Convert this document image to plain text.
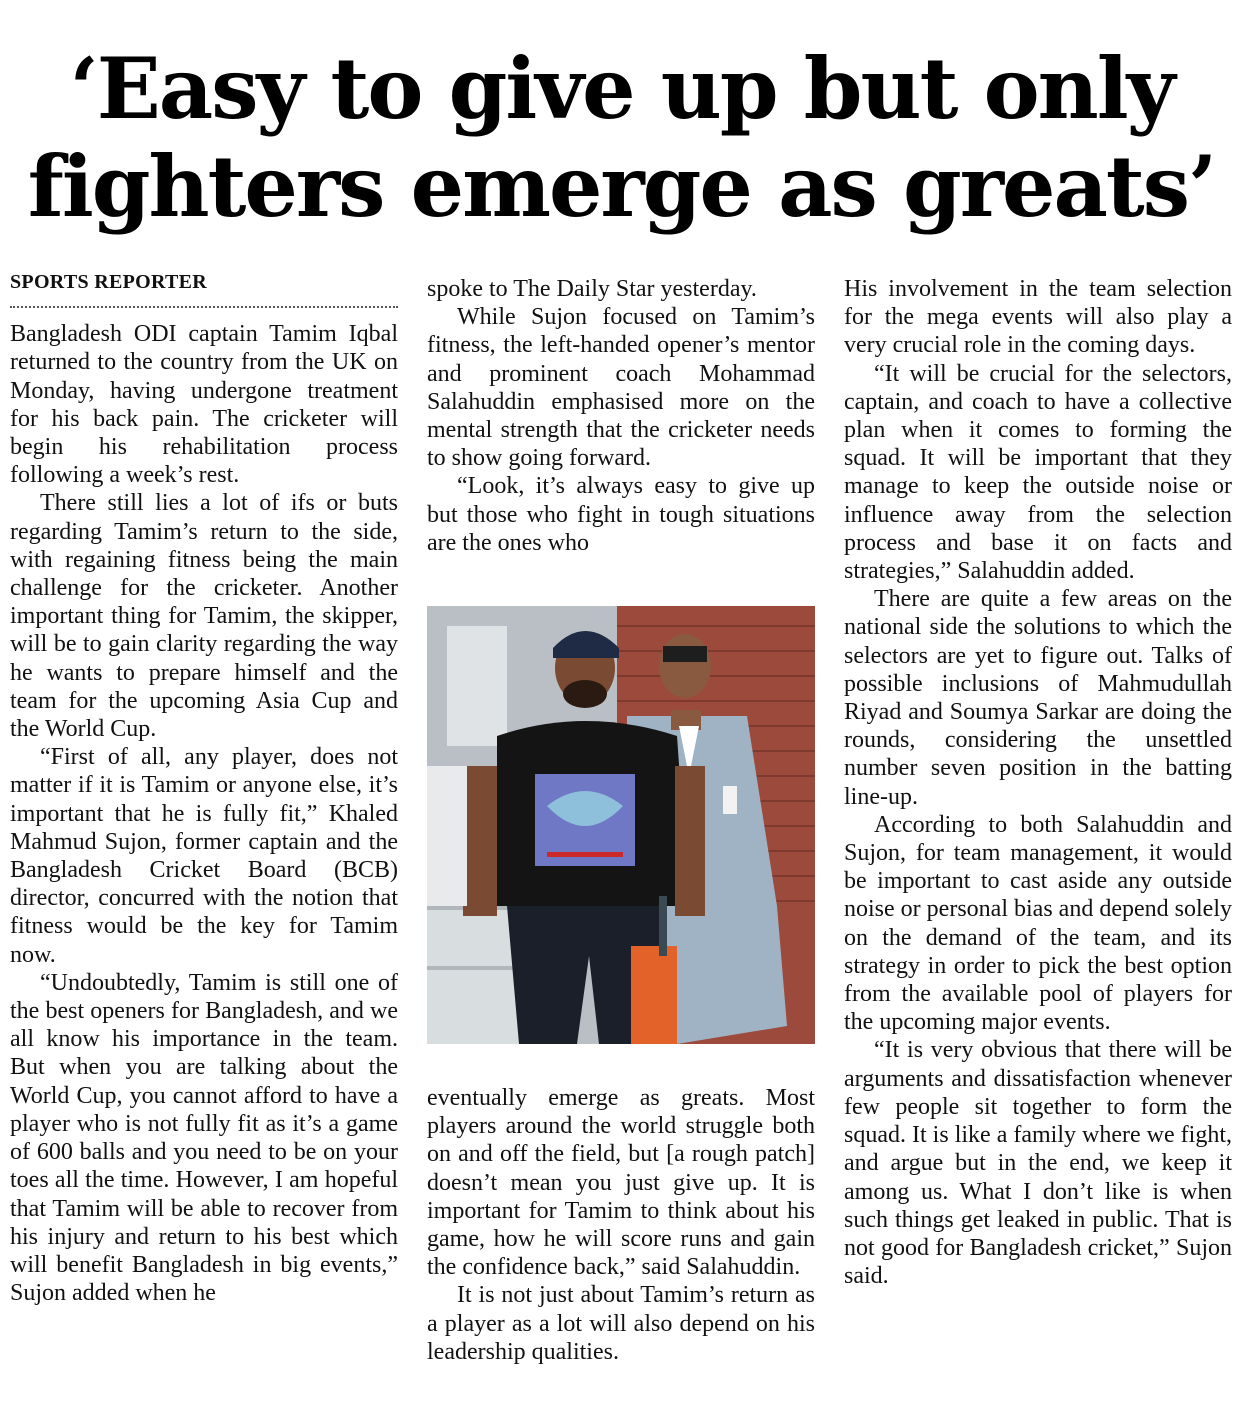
‘Easy to give up but only
fighters emerge as greats’
SPORTS REPORTER

Bangladesh ODI captain Tamim Iqbal returned to the country from the UK on Monday, having undergone treatment for his back pain. The cricketer will begin his rehabilitation process following a week’s rest.

There still lies a lot of ifs or buts regarding Tamim’s return to the side, with regaining fitness being the main challenge for the cricketer. Another important thing for Tamim, the skipper, will be to gain clarity regarding the way he wants to prepare himself and the team for the upcoming Asia Cup and the World Cup.

“First of all, any player, does not matter if it is Tamim or anyone else, it’s important that he is fully fit,” Khaled Mahmud Sujon, former captain and the Bangladesh Cricket Board (BCB) director, concurred with the notion that fitness would be the key for Tamim now.

“Undoubtedly, Tamim is still one of the best openers for Bangladesh, and we all know his importance in the team. But when you are talking about the World Cup, you cannot afford to have a player who is not fully fit as it’s a game of 600 balls and you need to be on your toes all the time. However, I am hopeful that Tamim will be able to recover from his injury and return to his best which will benefit Bangladesh in big events,” Sujon added when he

spoke to The Daily Star yesterday.

While Sujon focused on Tamim’s fitness, the left-handed opener’s mentor and prominent coach Mohammad Salahuddin emphasised more on the mental strength that the cricketer needs to show going forward.

“Look, it’s always easy to give up but those who fight in tough situations are the ones who

eventually emerge as greats. Most players around the world struggle both on and off the field, but [a rough patch] doesn’t mean you just give up. It is important for Tamim to think about his game, how he will score runs and gain the confidence back,” said Salahuddin.

It is not just about Tamim’s return as a player as a lot will also depend on his leadership qualities.

His involvement in the team selection for the mega events will also play a very crucial role in the coming days.

“It will be crucial for the selectors, captain, and coach to have a collective plan when it comes to forming the squad. It will be important that they manage to keep the outside noise or influence away from the selection process and base it on facts and strategies,” Salahuddin added.

There are quite a few areas on the national side the solutions to which the selectors are yet to figure out. Talks of possible inclusions of Mahmudullah Riyad and Soumya Sarkar are doing the rounds, considering the unsettled number seven position in the batting line-up.

According to both Salahuddin and Sujon, for team management, it would be important to cast aside any outside noise or personal bias and depend solely on the demand of the team, and its strategy in order to pick the best option from the available pool of players for the upcoming major events.

“It is very obvious that there will be arguments and dissatisfaction whenever few people sit together to form the squad. It is like a family where we fight, and argue but in the end, we keep it among us. What I don’t like is when such things get leaked in public. That is not good for Bangladesh cricket,” Sujon said.
